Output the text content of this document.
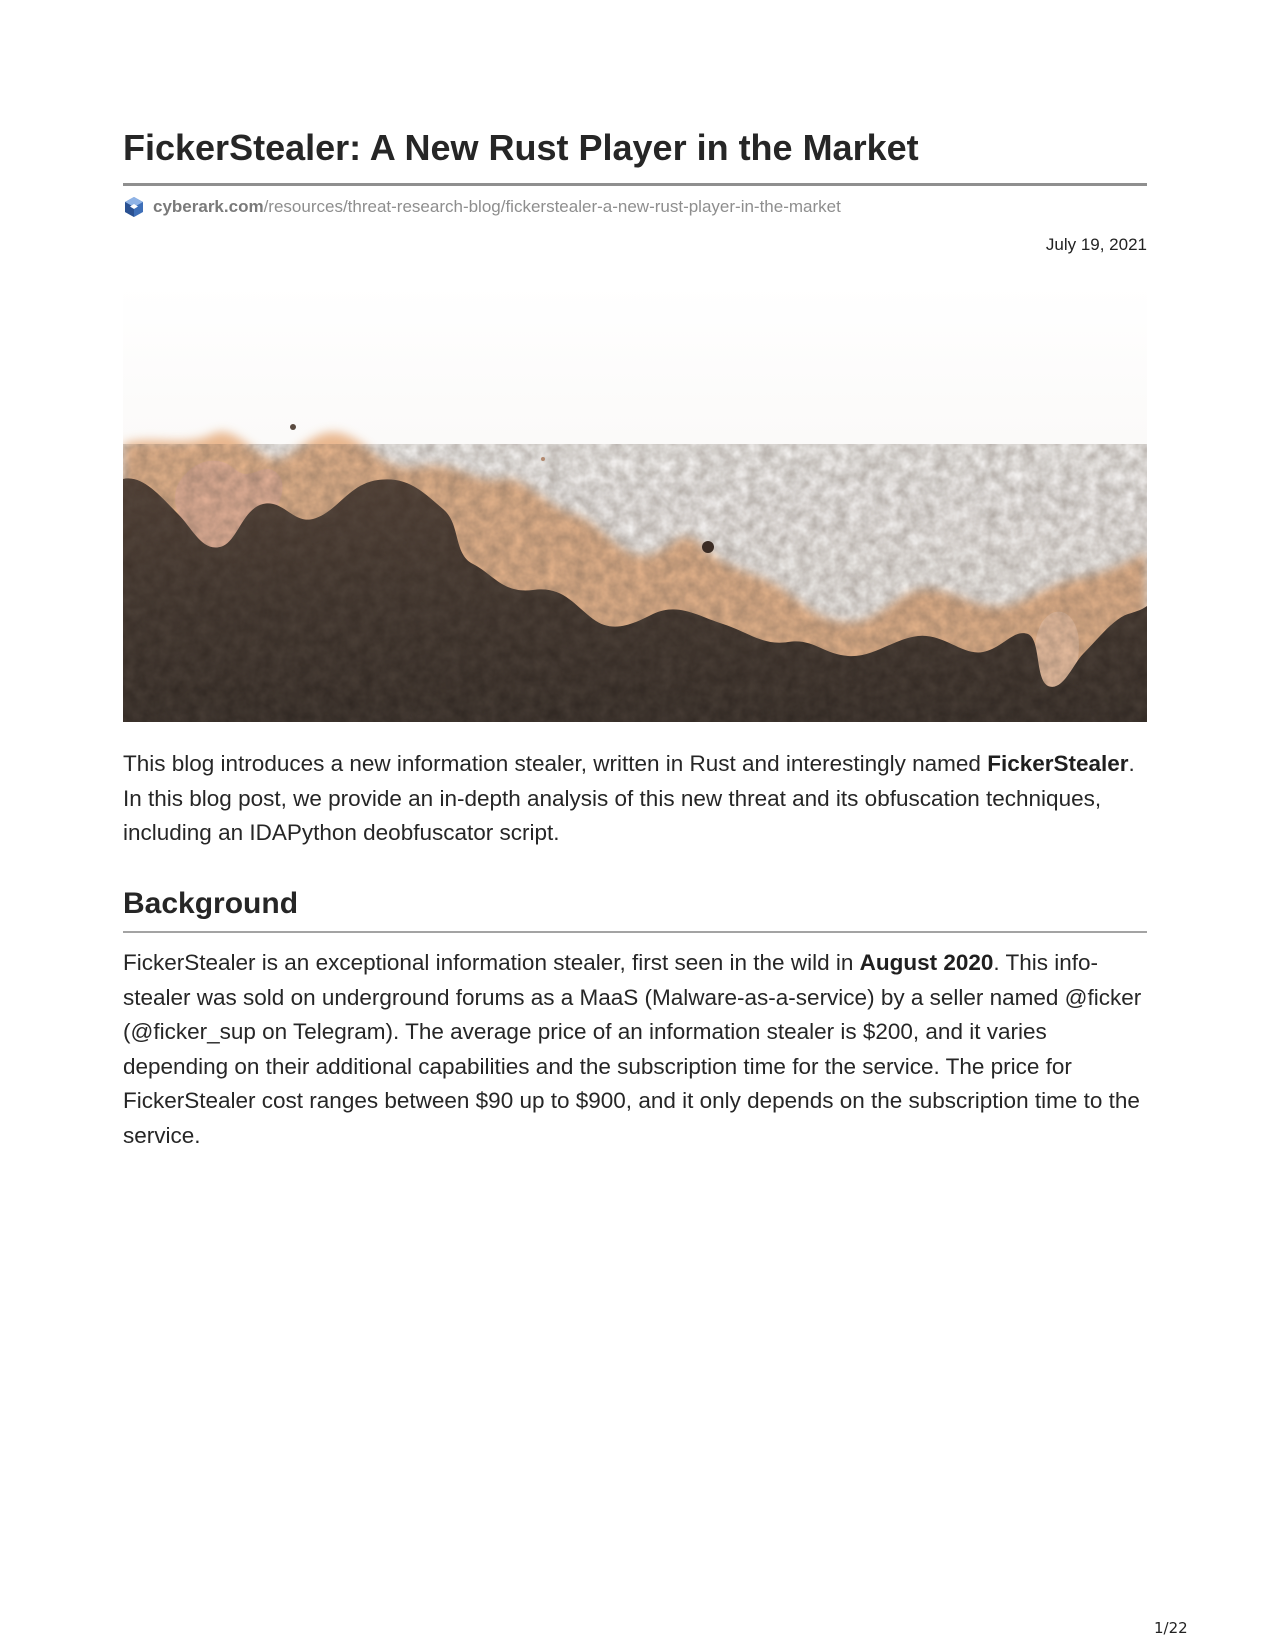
FickerStealer: A New Rust Player in the Market
cyberark.com /resources/threat-research-blog/fickerstealer-a-new-rust-player-in-the-market
July 19, 2021

This blog introduces a new information stealer, written in Rust and interestingly named FickerStealer. In this blog post, we provide an in-depth analysis of this new threat and its obfuscation techniques, including an IDAPython deobfuscator script.

Background

FickerStealer is an exceptional information stealer, first seen in the wild in August 2020. This info-stealer was sold on underground forums as a MaaS (Malware-as-a-service) by a seller named @ficker (@ficker_sup on Telegram). The average price of an information stealer is $200, and it varies depending on their additional capabilities and the subscription time for the service. The price for FickerStealer cost ranges between $90 up to $900, and it only depends on the subscription time to the service.

1/22
